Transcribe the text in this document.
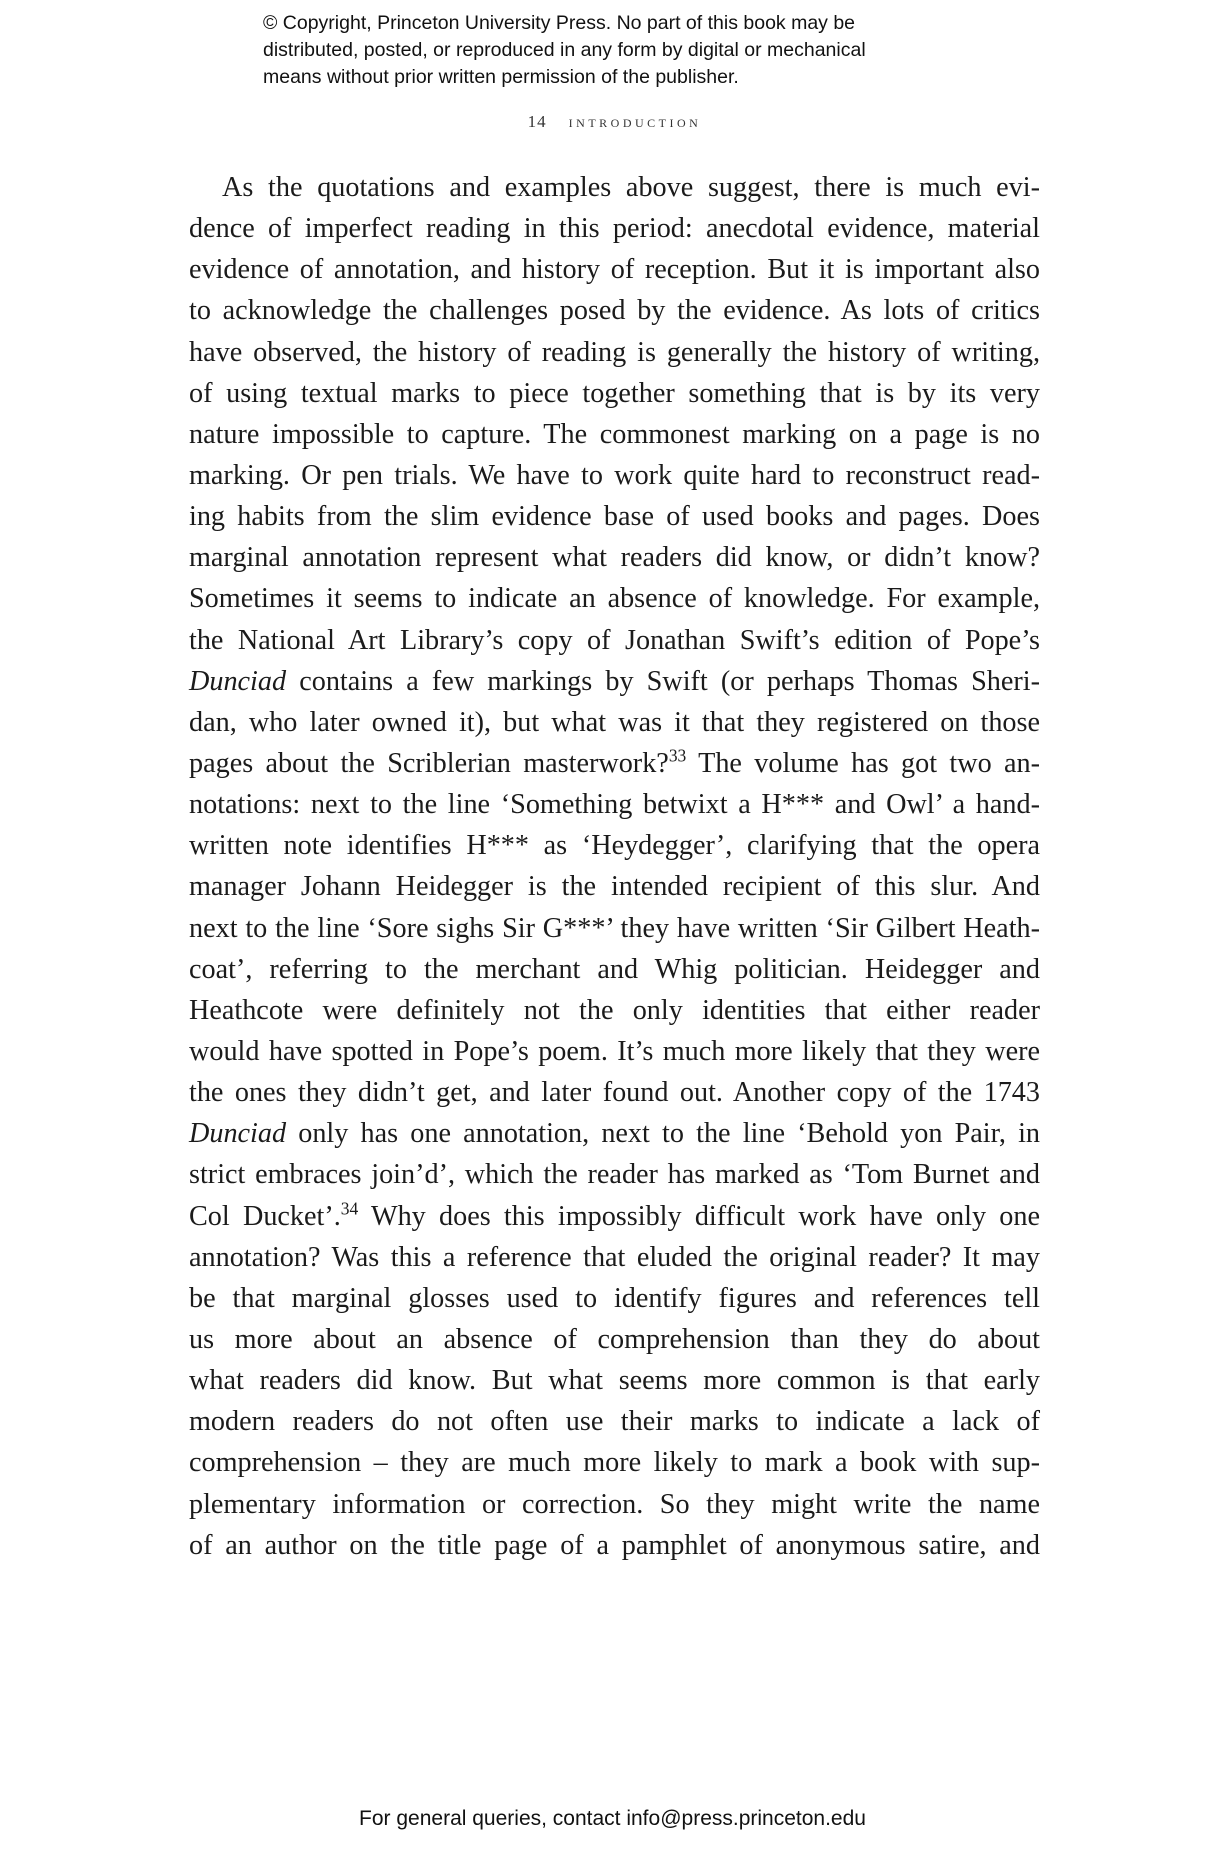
© Copyright, Princeton University Press. No part of this book may be
distributed, posted, or reproduced in any form by digital or mechanical
means without prior written permission of the publisher.
14 introduction
As the quotations and examples above suggest, there is much evi-
dence of imperfect reading in this period: anecdotal evidence, material
evidence of annotation, and history of reception. But it is important also
to acknowledge the challenges posed by the evidence. As lots of critics
have observed, the history of reading is generally the history of writing,
of using textual marks to piece together something that is by its very
nature impossible to capture. The commonest marking on a page is no
marking. Or pen trials. We have to work quite hard to reconstruct read-
ing habits from the slim evidence base of used books and pages. Does
marginal annotation represent what readers did know, or didn’t know?
Sometimes it seems to indicate an absence of knowledge. For example,
the National Art Library’s copy of Jonathan Swift’s edition of Pope’s
Dunciad contains a few markings by Swift (or perhaps Thomas Sheri-
dan, who later owned it), but what was it that they registered on those
pages about the Scriblerian masterwork?$^{33}$ The volume has got two an-
notations: next to the line ‘Something betwixt a H*** and Owl’ a hand-
written note identifies H*** as ‘Heydegger’, clarifying that the opera
manager Johann Heidegger is the intended recipient of this slur. And
next to the line ‘Sore sighs Sir G***’ they have written ‘Sir Gilbert Heath-
coat’, referring to the merchant and Whig politician. Heidegger and
Heathcote were definitely not the only identities that either reader
would have spotted in Pope’s poem. It’s much more likely that they were
the ones they didn’t get, and later found out. Another copy of the 1743
Dunciad only has one annotation, next to the line ‘Behold yon Pair, in
strict embraces join’d’, which the reader has marked as ‘Tom Burnet and
Col Ducket’.$^{34}$ Why does this impossibly difficult work have only one
annotation? Was this a reference that eluded the original reader? It may
be that marginal glosses used to identify figures and references tell
us more about an absence of comprehension than they do about
what readers did know. But what seems more common is that early
modern readers do not often use their marks to indicate a lack of
comprehension – they are much more likely to mark a book with sup-
plementary information or correction. So they might write the name
of an author on the title page of a pamphlet of anonymous satire, and
For general queries, contact info@press.princeton.edu
